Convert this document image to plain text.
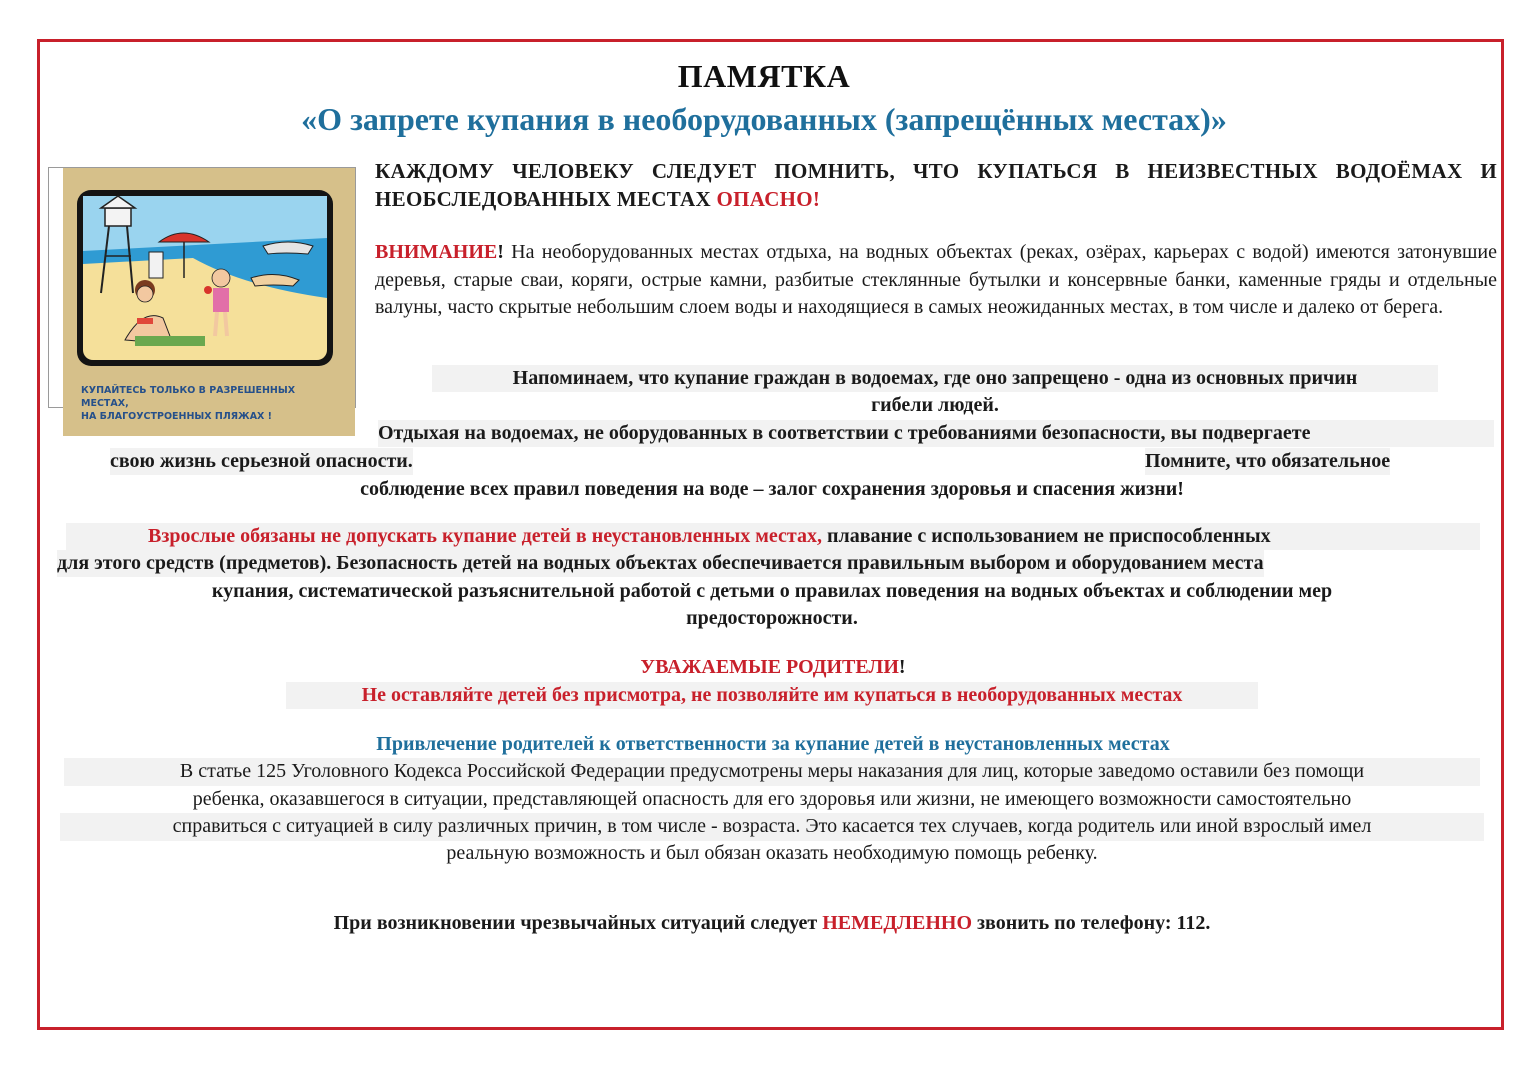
ПАМЯТКА
«О запрете купания в необорудованных (запрещённых местах)»
КУПАЙТЕСЬ ТОЛЬКО В РАЗРЕШЕННЫХ МЕСТАХ,
НА БЛАГОУСТРОЕННЫХ ПЛЯЖАХ !

КАЖДОМУ ЧЕЛОВЕКУ СЛЕДУЕТ ПОМНИТЬ, ЧТО КУПАТЬСЯ В НЕИЗВЕСТНЫХ ВОДОЁМАХ И НЕОБСЛЕДОВАННЫХ МЕСТАХ ОПАСНО!

ВНИМАНИЕ! На необорудованных местах отдыха, на водных объектах (реках, озёрах, карьерах с водой) имеются затонувшие деревья, старые сваи, коряги, острые камни, разбитые стеклянные бутылки и консервные банки, каменные гряды и отдельные валуны, часто скрытые небольшим слоем воды и находящиеся в самых неожиданных местах, в том числе и далеко от берега.

Напоминаем, что купание граждан в водоемах, где оно запрещено - одна из основных причин
гибели людей.
Отдыхая на водоемах, не оборудованных в соответствии с требованиями безопасности, вы подвергаете
свою жизнь серьезной опасности.	Помните, что обязательное
соблюдение всех правил поведения на воде – залог сохранения здоровья и спасения жизни!
Взрослые обязаны не допускать купание детей в неустановленных местах, плавание с использованием не приспособленных
для этого средств (предметов). Безопасность детей на водных объектах обеспечивается правильным выбором и оборудованием места
купания, систематической разъяснительной работой с детьми о правилах поведения на водных объектах и соблюдении мер
предосторожности.
УВАЖАЕМЫЕ РОДИТЕЛИ!
Не оставляйте детей без присмотра, не позволяйте им купаться в необорудованных местах
Привлечение родителей к ответственности за купание детей в неустановленных местах
В статье 125 Уголовного Кодекса Российской Федерации предусмотрены меры наказания для лиц, которые заведомо оставили без помощи
ребенка, оказавшегося в ситуации, представляющей опасность для его здоровья или жизни, не имеющего возможности самостоятельно
справиться с ситуацией в силу различных причин, в том числе - возраста. Это касается тех случаев, когда родитель или иной взрослый имел
реальную возможность и был обязан оказать необходимую помощь ребенку.
При возникновении чрезвычайных ситуаций следует НЕМЕДЛЕННО звонить по телефону: 112.
